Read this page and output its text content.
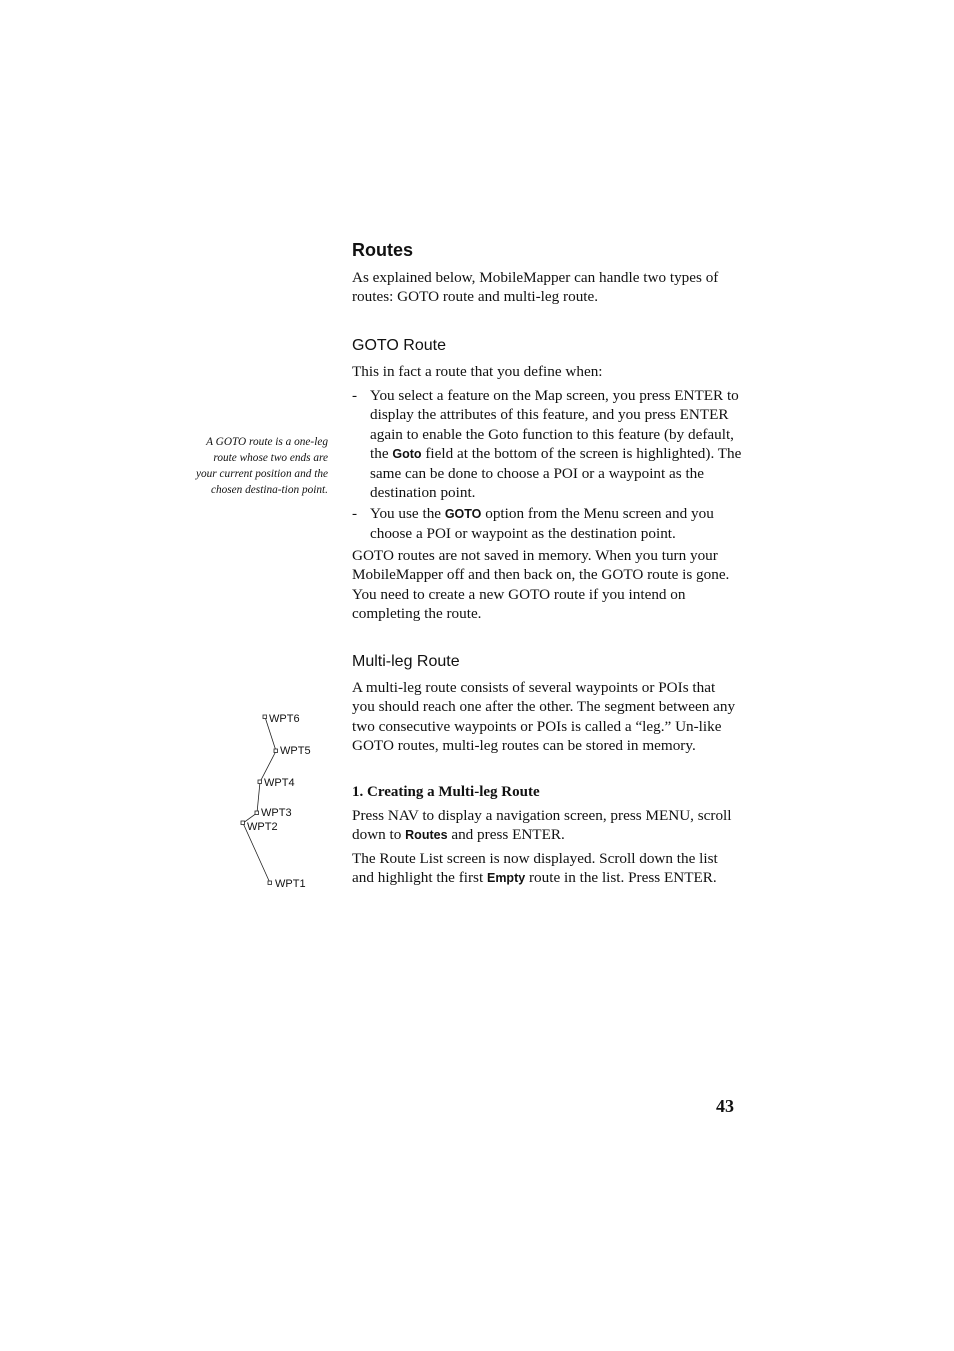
Routes
As explained below, MobileMapper can handle two types of routes: GOTO route and multi-leg route.
GOTO Route
This in fact a route that you define when:
- You select a feature on the Map screen, you press ENTER to display the attributes of this feature, and you press ENTER again to enable the Goto function to this feature (by default, the Goto field at the bottom of the screen is highlighted). The same can be done to choose a POI or a waypoint as the destination point.
- You use the GOTO option from the Menu screen and you choose a POI or waypoint as the destination point.
GOTO routes are not saved in memory. When you turn your MobileMapper off and then back on, the GOTO route is gone. You need to create a new GOTO route if you intend on completing the route.
A GOTO route is a one-leg route whose two ends are your current position and the chosen destina-tion point.
Multi-leg Route
A multi-leg route consists of several waypoints or POIs that you should reach one after the other. The segment between any two consecutive waypoints or POIs is called a “leg.” Un-like GOTO routes, multi-leg routes can be stored in memory.
1. Creating a Multi-leg Route
Press NAV to display a navigation screen, press MENU, scroll down to Routes and press ENTER.
The Route List screen is now displayed. Scroll down the list and highlight the first Empty route in the list. Press ENTER.
WPT6
WPT5
WPT4
WPT3
WPT2
WPT1
43
